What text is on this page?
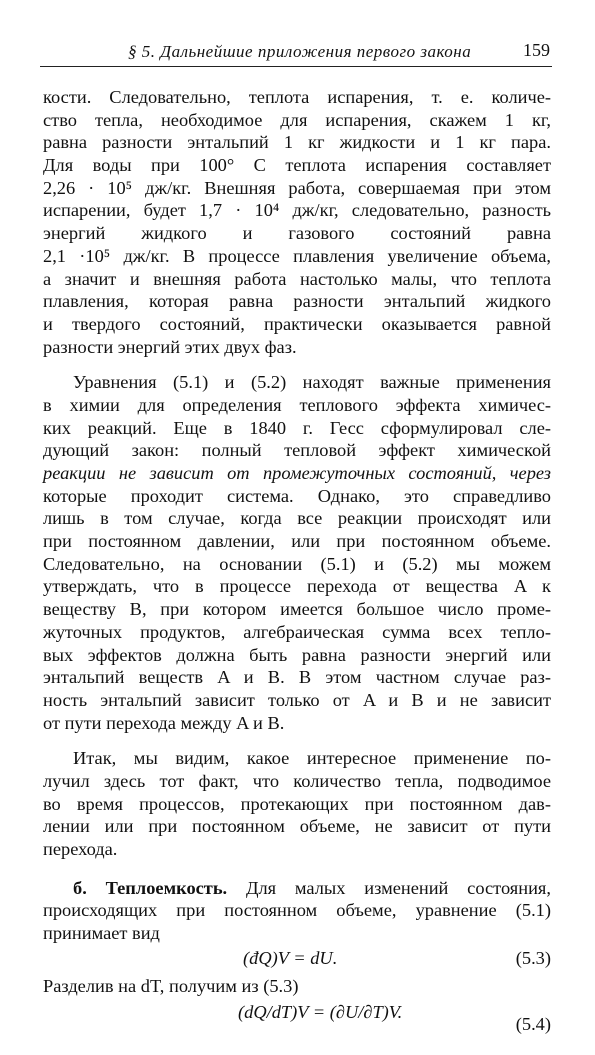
§ 5. Дальнейшие приложения первого закона	159
кости. Следовательно, теплота испарения, т. е. количе-
ство тепла, необходимое для испарения, скажем 1 кг,
равна разности энтальпий 1 кг жидкости и 1 кг пара.
Для воды при 100° С теплота испарения составляет
2,26 · 10⁵ дж/кг. Внешняя работа, совершаемая при этом
испарении, будет 1,7 · 10⁴ дж/кг, следовательно, разность
энергий жидкого и газового состояний равна
2,1 ·10⁵ дж/кг. В процессе плавления увеличение объема,
а значит и внешняя работа настолько малы, что теплота
плавления, которая равна разности энтальпий жидкого
и твердого состояний, практически оказывается равной
разности энергий этих двух фаз.
Уравнения (5.1) и (5.2) находят важные применения
в химии для определения теплового эффекта химичес-
ких реакций. Еще в 1840 г. Гесс сформулировал сле-
дующий закон: полный тепловой эффект химической
реакции не зависит от промежуточных состояний, через
которые проходит система. Однако, это справедливо
лишь в том случае, когда все реакции происходят или
при постоянном давлении, или при постоянном объеме.
Следовательно, на основании (5.1) и (5.2) мы можем
утверждать, что в процессе перехода от вещества A к
веществу B, при котором имеется большое число проме-
жуточных продуктов, алгебраическая сумма всех тепло-
вых эффектов должна быть равна разности энергий или
энтальпий веществ A и B. В этом частном случае раз-
ность энтальпий зависит только от A и B и не зависит
от пути перехода между A и B.
Итак, мы видим, какое интересное применение по-
лучил здесь тот факт, что количество тепла, подводимое
во время процессов, протекающих при постоянном дав-
лении или при постоянном объеме, не зависит от пути
перехода.
б. Теплоемкость. Для малых изменений состояния,
происходящих при постоянном объеме, уравнение (5.1)
принимает вид
(đQ)V = dU.	(5.3)
Разделив на dT, получим из (5.3)
(dQ/dT)V = (∂U/∂T)V.
(5.4)
